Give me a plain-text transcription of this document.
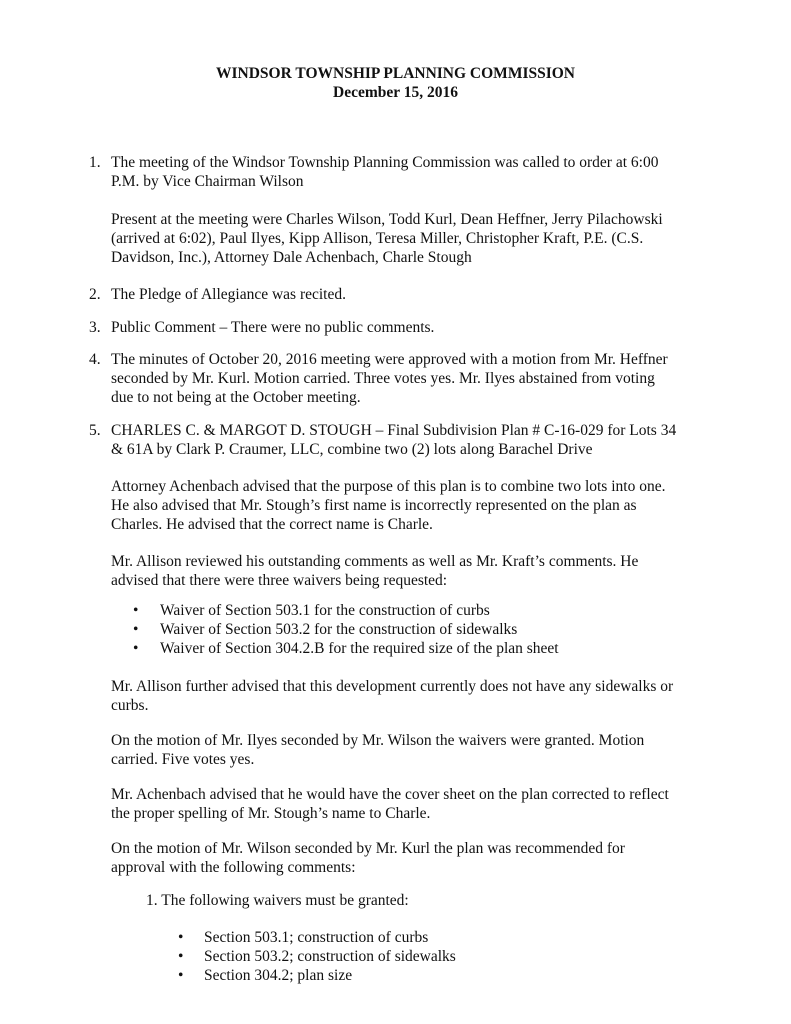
WINDSOR TOWNSHIP PLANNING COMMISSION
December 15, 2016
1. The meeting of the Windsor Township Planning Commission was called to order at 6:00
P.M. by Vice Chairman Wilson
Present at the meeting were Charles Wilson, Todd Kurl, Dean Heffner, Jerry Pilachowski
(arrived at 6:02), Paul Ilyes, Kipp Allison, Teresa Miller, Christopher Kraft, P.E. (C.S.
Davidson, Inc.), Attorney Dale Achenbach, Charle Stough
2. The Pledge of Allegiance was recited.
3. Public Comment – There were no public comments.
4. The minutes of October 20, 2016 meeting were approved with a motion from Mr. Heffner
seconded by Mr. Kurl. Motion carried. Three votes yes. Mr. Ilyes abstained from voting
due to not being at the October meeting.
5. CHARLES C. & MARGOT D. STOUGH – Final Subdivision Plan # C-16-029 for Lots 34
& 61A by Clark P. Craumer, LLC, combine two (2) lots along Barachel Drive
Attorney Achenbach advised that the purpose of this plan is to combine two lots into one.
He also advised that Mr. Stough’s first name is incorrectly represented on the plan as
Charles. He advised that the correct name is Charle.
Mr. Allison reviewed his outstanding comments as well as Mr. Kraft’s comments. He
advised that there were three waivers being requested:
• Waiver of Section 503.1 for the construction of curbs
• Waiver of Section 503.2 for the construction of sidewalks
• Waiver of Section 304.2.B for the required size of the plan sheet
Mr. Allison further advised that this development currently does not have any sidewalks or
curbs.
On the motion of Mr. Ilyes seconded by Mr. Wilson the waivers were granted. Motion
carried. Five votes yes.
Mr. Achenbach advised that he would have the cover sheet on the plan corrected to reflect
the proper spelling of Mr. Stough’s name to Charle.
On the motion of Mr. Wilson seconded by Mr. Kurl the plan was recommended for
approval with the following comments:
1. The following waivers must be granted:
• Section 503.1; construction of curbs
• Section 503.2; construction of sidewalks
• Section 304.2; plan size
